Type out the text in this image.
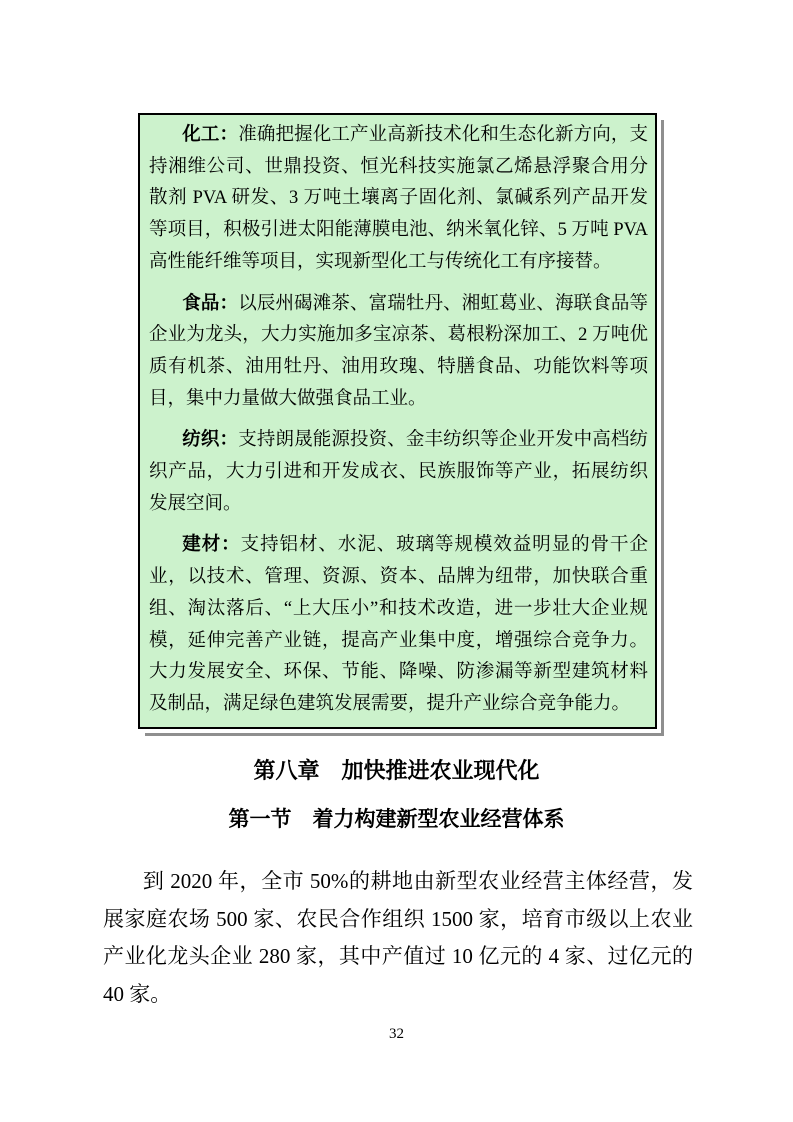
化工：准确把握化工产业高新技术化和生态化新方向，支持湘维公司、世鼎投资、恒光科技实施氯乙烯悬浮聚合用分散剂 PVA 研发、3 万吨土壤离子固化剂、氯碱系列产品开发等项目，积极引进太阳能薄膜电池、纳米氧化锌、5 万吨 PVA 高性能纤维等项目，实现新型化工与传统化工有序接替。

食品：以辰州碣滩茶、富瑞牡丹、湘虹葛业、海联食品等企业为龙头，大力实施加多宝凉茶、葛根粉深加工、2 万吨优质有机茶、油用牡丹、油用玫瑰、特膳食品、功能饮料等项目，集中力量做大做强食品工业。

纺织：支持朗晟能源投资、金丰纺织等企业开发中高档纺织产品，大力引进和开发成衣、民族服饰等产业，拓展纺织发展空间。

建材：支持铝材、水泥、玻璃等规模效益明显的骨干企业，以技术、管理、资源、资本、品牌为纽带，加快联合重组、淘汰落后、“上大压小”和技术改造，进一步壮大企业规模，延伸完善产业链，提高产业集中度，增强综合竞争力。大力发展安全、环保、节能、降噪、防渗漏等新型建筑材料及制品，满足绿色建筑发展需要，提升产业综合竞争能力。

第八章　加快推进农业现代化
第一节　着力构建新型农业经营体系

到 2020 年，全市 50%的耕地由新型农业经营主体经营，发展家庭农场 500 家、农民合作组织 1500 家，培育市级以上农业产业化龙头企业 280 家，其中产值过 10 亿元的 4 家、过亿元的 40 家。

32
